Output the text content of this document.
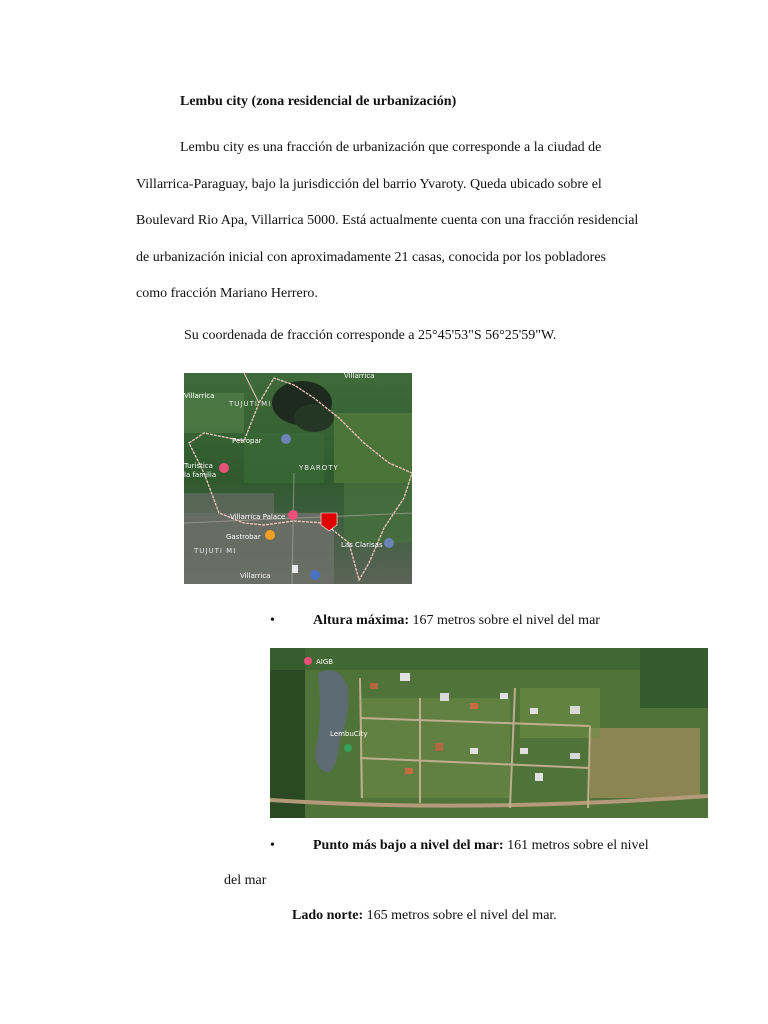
Lembu city (zona residencial de urbanización)
Lembu city es una fracción de urbanización que corresponde a la ciudad de
Villarrica-Paraguay, bajo la jurisdicción del barrio Yvaroty. Queda ubicado sobre el
Boulevard Rio Apa, Villarrica 5000. Está actualmente cuenta con una fracción residencial
de urbanización inicial con aproximadamente 21 casas, conocida por los pobladores
como fracción Mariano Herrero.
Su coordenada de fracción corresponde a 25°45'53"S 56°25'59"W.
Villarrica
Villarrica
TUJUTI MI
Petropar
YBAROTY
Turistica
la familia
Villarrica Palace
Gastrobar
Las Clarisas
TUJUTI MI
Villarrica
•	Altura máxima: 167 metros sobre el nivel del mar
AIGB
LembuCity
•	Punto más bajo a nivel del mar: 161 metros sobre el nivel
del mar
Lado norte: 165 metros sobre el nivel del mar.
